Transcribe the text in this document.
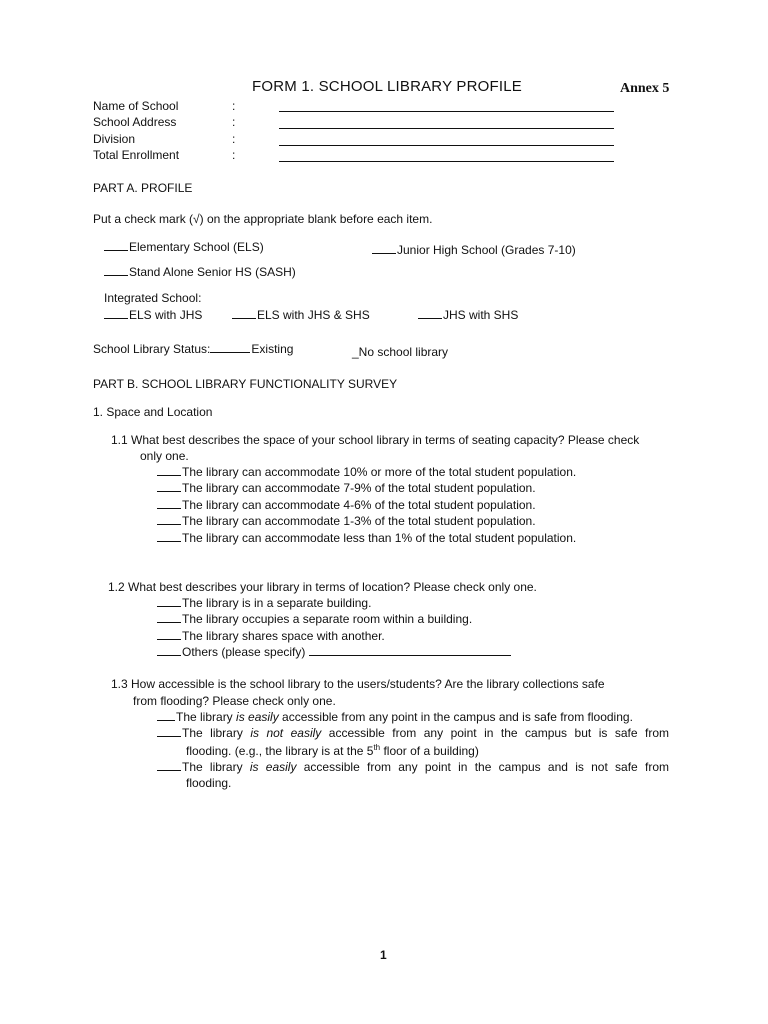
FORM 1. SCHOOL LIBRARY PROFILE	Annex 5
Name of School	:
School Address	:
Division	:
Total Enrollment	:
PART A. PROFILE
Put a check mark (√) on the appropriate blank before each item.
Elementary School (ELS)	Junior High School (Grades 7-10)
Stand Alone Senior HS (SASH)
Integrated School:
ELS with JHS	ELS with JHS & SHS	JHS with SHS
School Library Status:	Existing	_No school library
PART B. SCHOOL LIBRARY FUNCTIONALITY SURVEY
1. Space and Location
1.1 What best describes the space of your school library in terms of seating capacity? Please check
only one.
The library can accommodate 10% or more of the total student population.
The library can accommodate 7-9% of the total student population.
The library can accommodate 4-6% of the total student population.
The library can accommodate 1-3% of the total student population.
The library can accommodate less than 1% of the total student population.
1.2 What best describes your library in terms of location? Please check only one.
The library is in a separate building.
The library occupies a separate room within a building.
The library shares space with another.
Others (please specify)
1.3 How accessible is the school library to the users/students? Are the library collections safe
from flooding? Please check only one.
The library is easily accessible from any point in the campus and is safe from flooding.
The library is not easily accessible from any point in the campus but is safe from
flooding. (e.g., the library is at the 5th floor of a building)
The library is easily accessible from any point in the campus and is not safe from
flooding.
1
